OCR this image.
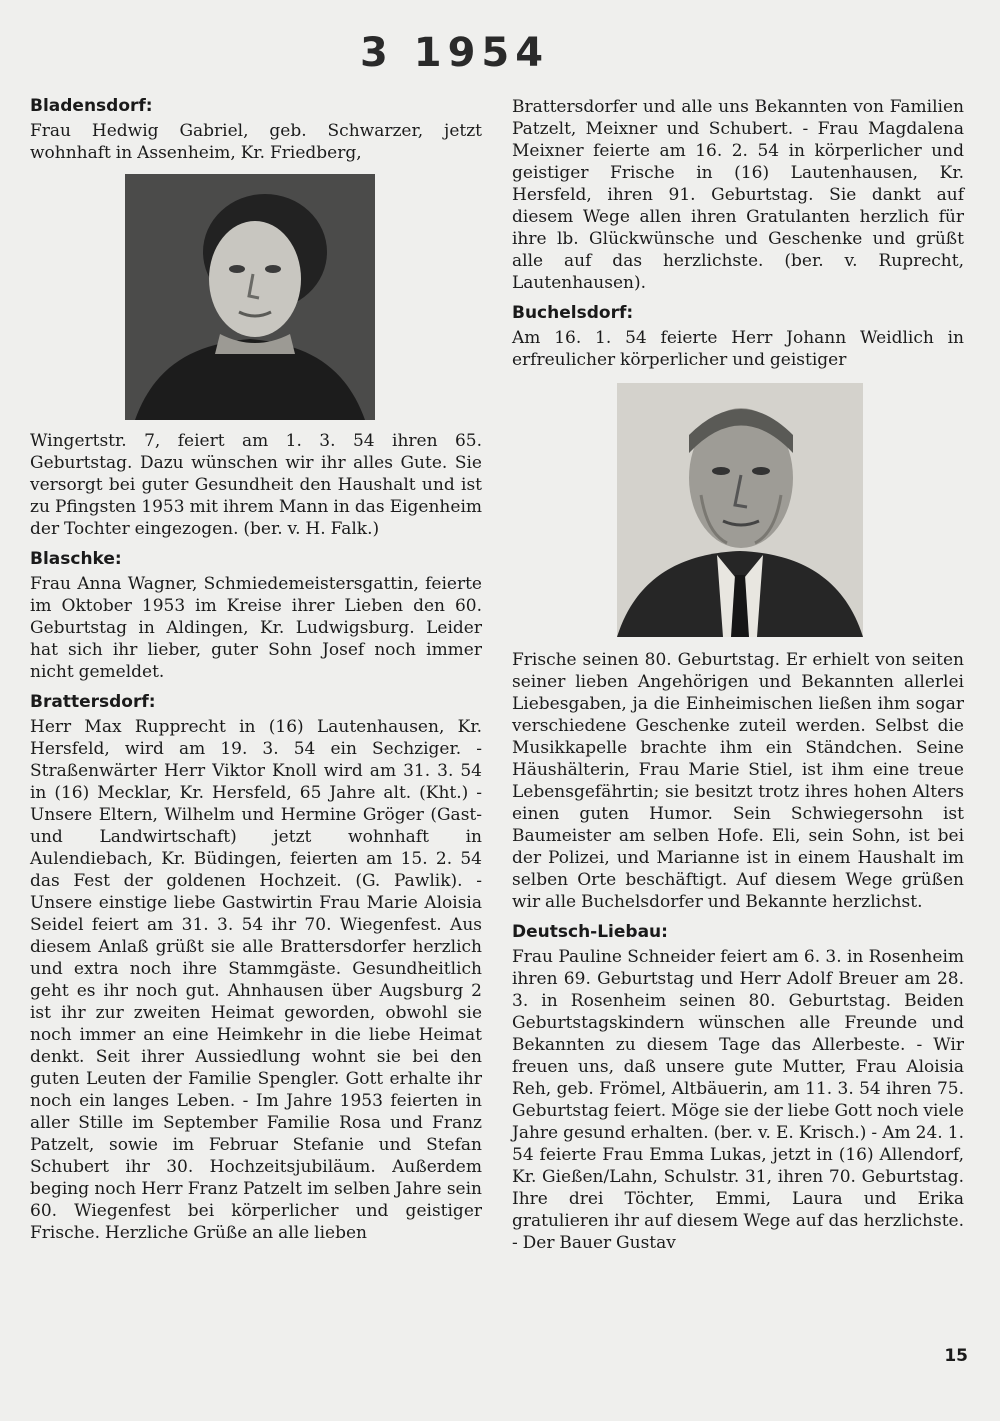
3 1954
Bladensdorf:

Frau Hedwig Gabriel, geb. Schwarzer, jetzt wohnhaft in Assenheim, Kr. Friedberg,

Wingertstr. 7, feiert am 1. 3. 54 ihren 65. Geburtstag. Dazu wünschen wir ihr alles Gute. Sie versorgt bei guter Gesundheit den Haushalt und ist zu Pfingsten 1953 mit ihrem Mann in das Eigenheim der Tochter eingezogen. (ber. v. H. Falk.)

Blaschke:

Frau Anna Wagner, Schmiedemeistersgattin, feierte im Oktober 1953 im Kreise ihrer Lieben den 60. Geburtstag in Aldingen, Kr. Ludwigsburg. Leider hat sich ihr lieber, guter Sohn Josef noch immer nicht gemeldet.

Brattersdorf:

Herr Max Rupprecht in (16) Lautenhausen, Kr. Hersfeld, wird am 19. 3. 54 ein Sechziger. - Straßenwärter Herr Viktor Knoll wird am 31. 3. 54 in (16) Mecklar, Kr. Hersfeld, 65 Jahre alt. (Kht.) - Unsere Eltern, Wilhelm und Hermine Gröger (Gast- und Landwirtschaft) jetzt wohnhaft in Aulendiebach, Kr. Büdingen, feierten am 15. 2. 54 das Fest der goldenen Hochzeit. (G. Pawlik). - Unsere einstige liebe Gastwirtin Frau Marie Aloisia Seidel feiert am 31. 3. 54 ihr 70. Wiegenfest. Aus diesem Anlaß grüßt sie alle Brattersdorfer herzlich und extra noch ihre Stammgäste. Gesundheitlich geht es ihr noch gut. Ahnhausen über Augsburg 2 ist ihr zur zweiten Heimat geworden, obwohl sie noch immer an eine Heimkehr in die liebe Heimat denkt. Seit ihrer Aussiedlung wohnt sie bei den guten Leuten der Familie Spengler. Gott erhalte ihr noch ein langes Leben. - Im Jahre 1953 feierten in aller Stille im September Familie Rosa und Franz Patzelt, sowie im Februar Stefanie und Stefan Schubert ihr 30. Hochzeitsjubiläum. Außerdem beging noch Herr Franz Patzelt im selben Jahre sein 60. Wiegenfest bei körperlicher und geistiger Frische. Herzliche Grüße an alle lieben

Brattersdorfer und alle uns Bekannten von Familien Patzelt, Meixner und Schubert. - Frau Magdalena Meixner feierte am 16. 2. 54 in körperlicher und geistiger Frische in (16) Lautenhausen, Kr. Hersfeld, ihren 91. Geburtstag. Sie dankt auf diesem Wege allen ihren Gratulanten herzlich für ihre lb. Glückwünsche und Geschenke und grüßt alle auf das herzlichste. (ber. v. Ruprecht, Lautenhausen).

Buchelsdorf:

Am 16. 1. 54 feierte Herr Johann Weidlich in erfreulicher körperlicher und geistiger

Frische seinen 80. Geburtstag. Er erhielt von seiten seiner lieben Angehörigen und Bekannten allerlei Liebesgaben, ja die Einheimischen ließen ihm sogar verschiedene Geschenke zuteil werden. Selbst die Musikkapelle brachte ihm ein Ständchen. Seine Häushälterin, Frau Marie Stiel, ist ihm eine treue Lebensgefährtin; sie besitzt trotz ihres hohen Alters einen guten Humor. Sein Schwiegersohn ist Baumeister am selben Hofe. Eli, sein Sohn, ist bei der Polizei, und Marianne ist in einem Haushalt im selben Orte beschäftigt. Auf diesem Wege grüßen wir alle Buchelsdorfer und Bekannte herzlichst.

Deutsch-Liebau:

Frau Pauline Schneider feiert am 6. 3. in Rosenheim ihren 69. Geburtstag und Herr Adolf Breuer am 28. 3. in Rosenheim seinen 80. Geburtstag. Beiden Geburtstagskindern wünschen alle Freunde und Bekannten zu diesem Tage das Allerbeste. - Wir freuen uns, daß unsere gute Mutter, Frau Aloisia Reh, geb. Frömel, Altbäuerin, am 11. 3. 54 ihren 75. Geburtstag feiert. Möge sie der liebe Gott noch viele Jahre gesund erhalten. (ber. v. E. Krisch.) - Am 24. 1. 54 feierte Frau Emma Lukas, jetzt in (16) Allendorf, Kr. Gießen/Lahn, Schulstr. 31, ihren 70. Geburtstag. Ihre drei Töchter, Emmi, Laura und Erika gratulieren ihr auf diesem Wege auf das herzlichste. - Der Bauer Gustav

15
